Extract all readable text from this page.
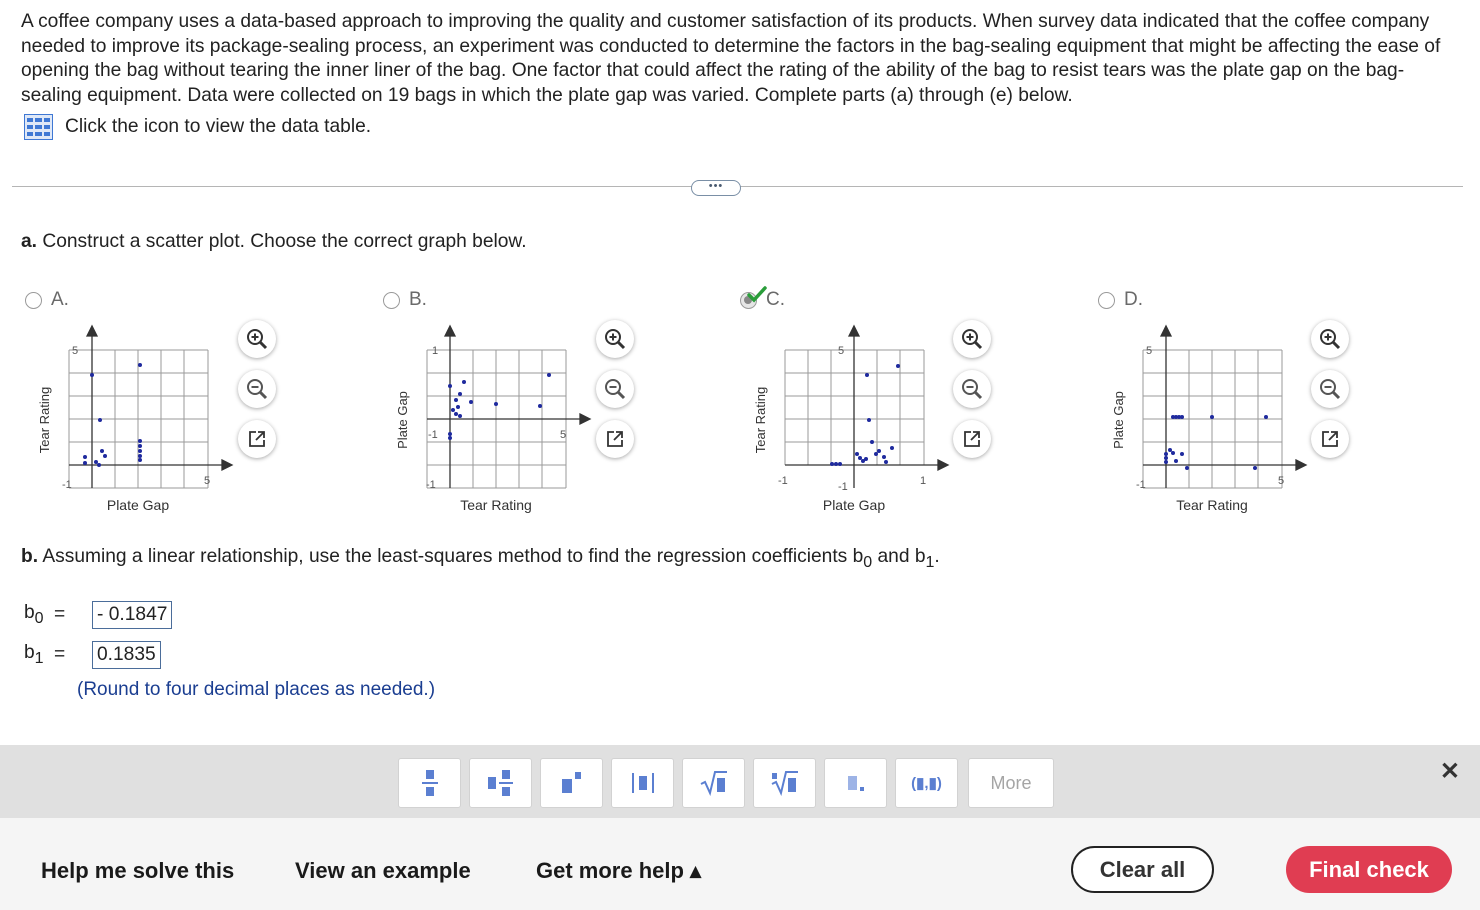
A coffee company uses a data-based approach to improving the quality and customer satisfaction of its products. When survey data indicated that the coffee company needed to improve its package-sealing process, an experiment was conducted to determine the factors in the bag-sealing equipment that might be affecting the ease of opening the bag without tearing the inner liner of the bag. One factor that could affect the rating of the ability of the bag to resist tears was the plate gap on the bag-sealing equipment. Data were collected on 19 bags in which the plate gap was varied. Complete parts (a) through (e) below.
Click the icon to view the data table.
•••
a. Construct a scatter plot. Choose the correct graph below.
A.
5
-1	5
Tear Rating
Plate Gap
B.
1
-1
5
-1
Plate Gap
Tear Rating
C.
5
-1	1
-1
Tear Rating
Plate Gap
D.
5
-1	5
Plate Gap
Tear Rating
b. Assuming a linear relationship, use the least-squares method to find the regression coefficients $b_0$ and $b_1$.
$b_0$ =	- 0.1847
$b_1$ =	0.1835
(Round to four decimal places as needed.)
(▮,▮)	More	✕
Help me solve this	View an example	Get more help ▴	Clear all	Final check
